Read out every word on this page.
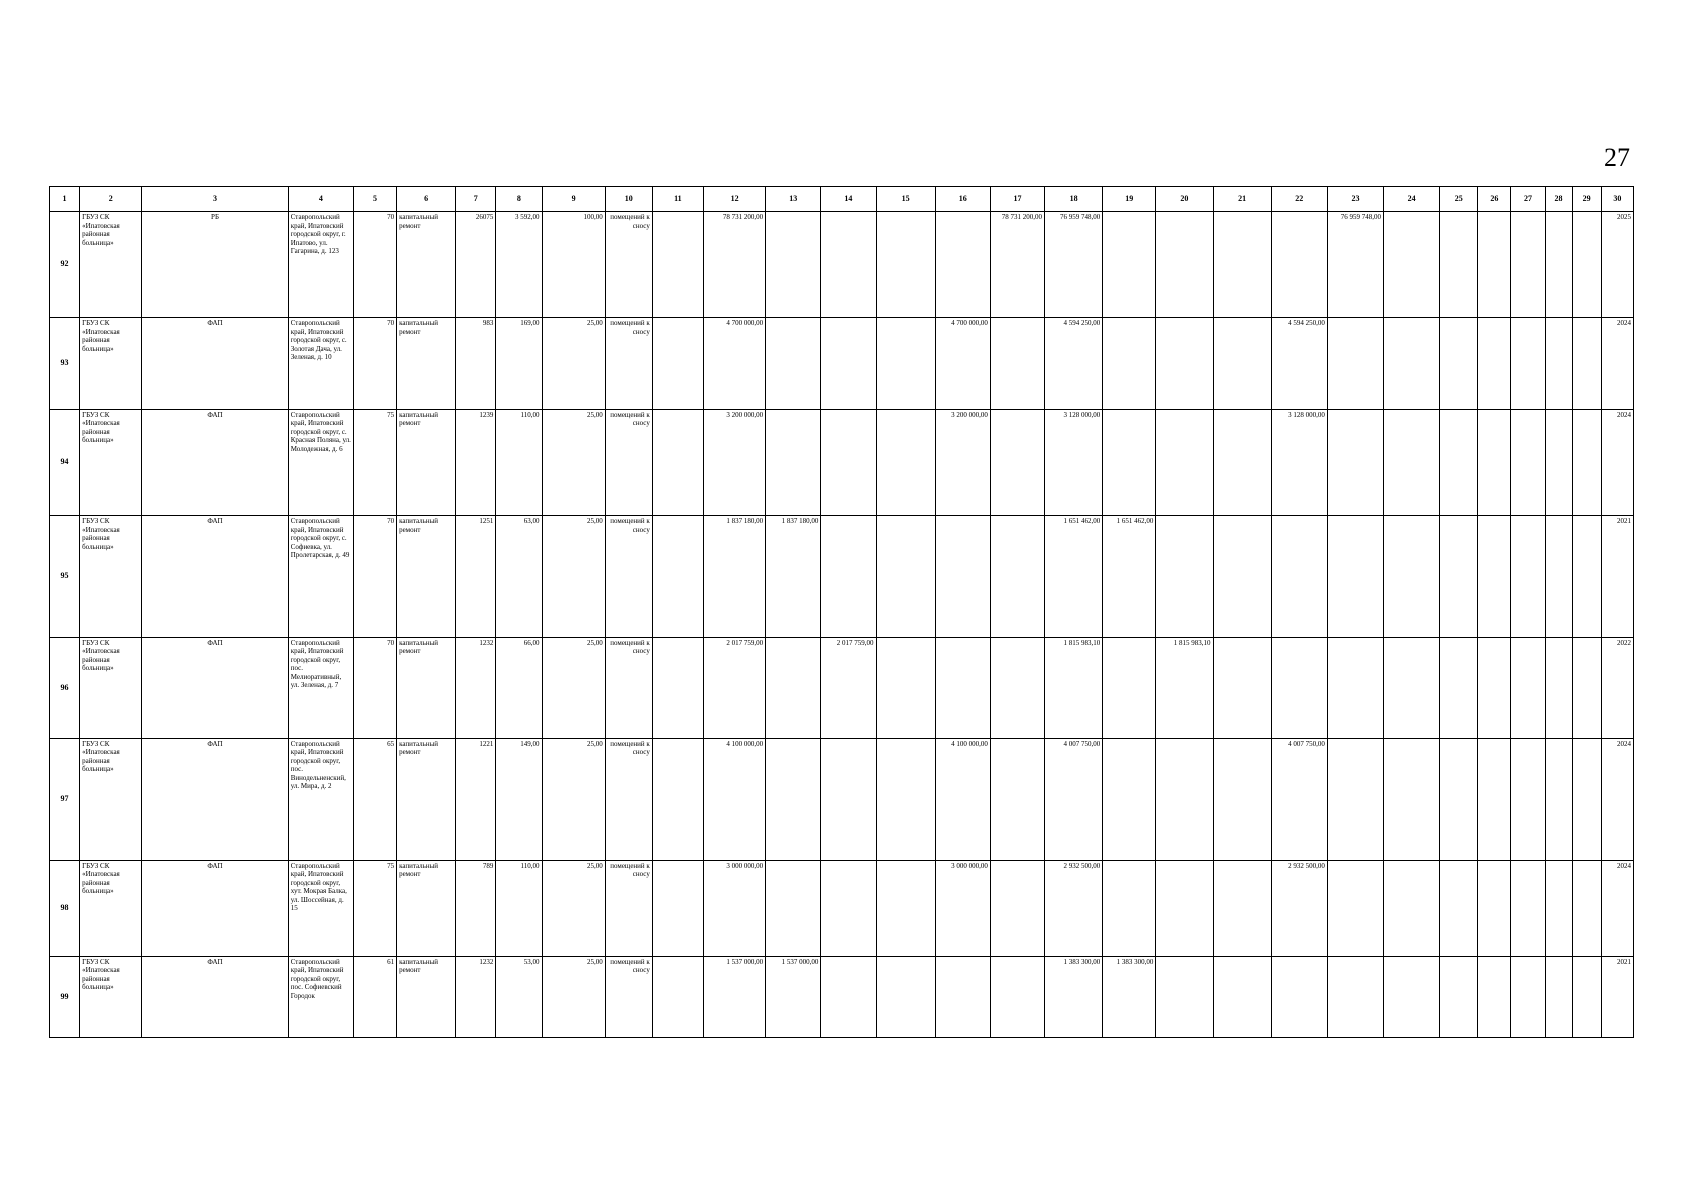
27
1	2	3	4	5	6	7	8	9	10	11	12	13	14	15	16	17	18	19	20	21	22	23	24	25	26	27	28	29	30
92	ГБУЗ СК «Ипатовская районная больница»	РБ	Ставропольский край, Ипатовский городской округ, г. Ипатово, ул. Гагарина, д. 123	70	капитальный ремонт	26075	3 592,00	100,00	помещений к сносу		78 731 200,00					78 731 200,00	76 959 748,00					76 959 748,00							2025
93	ГБУЗ СК «Ипатовская районная больница»	ФАП	Ставропольский край, Ипатовский городской округ, с. Золотая Дача, ул. Зеленая, д. 10	70	капитальный ремонт	983	169,00	25,00	помещений к сносу		4 700 000,00				4 700 000,00		4 594 250,00				4 594 250,00								2024
94	ГБУЗ СК «Ипатовская районная больница»	ФАП	Ставропольский край, Ипатовский городской округ, с. Красная Поляна, ул. Молодежная, д. 6	75	капитальный ремонт	1239	110,00	25,00	помещений к сносу		3 200 000,00				3 200 000,00		3 128 000,00				3 128 000,00								2024
95	ГБУЗ СК «Ипатовская районная больница»	ФАП	Ставропольский край, Ипатовский городской округ, с. Софиевка, ул. Пролетарская, д. 49	70	капитальный ремонт	1251	63,00	25,00	помещений к сносу		1 837 180,00	1 837 180,00					1 651 462,00	1 651 462,00											2021
96	ГБУЗ СК «Ипатовская районная больница»	ФАП	Ставропольский край, Ипатовский городской округ, пос. Мелиоративный, ул. Зеленая, д. 7	70	капитальный ремонт	1232	66,00	25,00	помещений к сносу		2 017 759,00		2 017 759,00				1 815 983,10		1 815 983,10										2022
97	ГБУЗ СК «Ипатовская районная больница»	ФАП	Ставропольский край, Ипатовский городской округ, пос. Винодельненский, ул. Мира, д. 2	65	капитальный ремонт	1221	149,00	25,00	помещений к сносу		4 100 000,00				4 100 000,00		4 007 750,00				4 007 750,00								2024
98	ГБУЗ СК «Ипатовская районная больница»	ФАП	Ставропольский край, Ипатовский городской округ, хут. Мокрая Балка, ул. Шоссейная, д. 15	75	капитальный ремонт	789	110,00	25,00	помещений к сносу		3 000 000,00				3 000 000,00		2 932 500,00				2 932 500,00								2024
99	ГБУЗ СК «Ипатовская районная больница»	ФАП	Ставропольский край, Ипатовский городской округ, пос. Софиевский Городок	61	капитальный ремонт	1232	53,00	25,00	помещений к сносу		1 537 000,00	1 537 000,00					1 383 300,00	1 383 300,00											2021
